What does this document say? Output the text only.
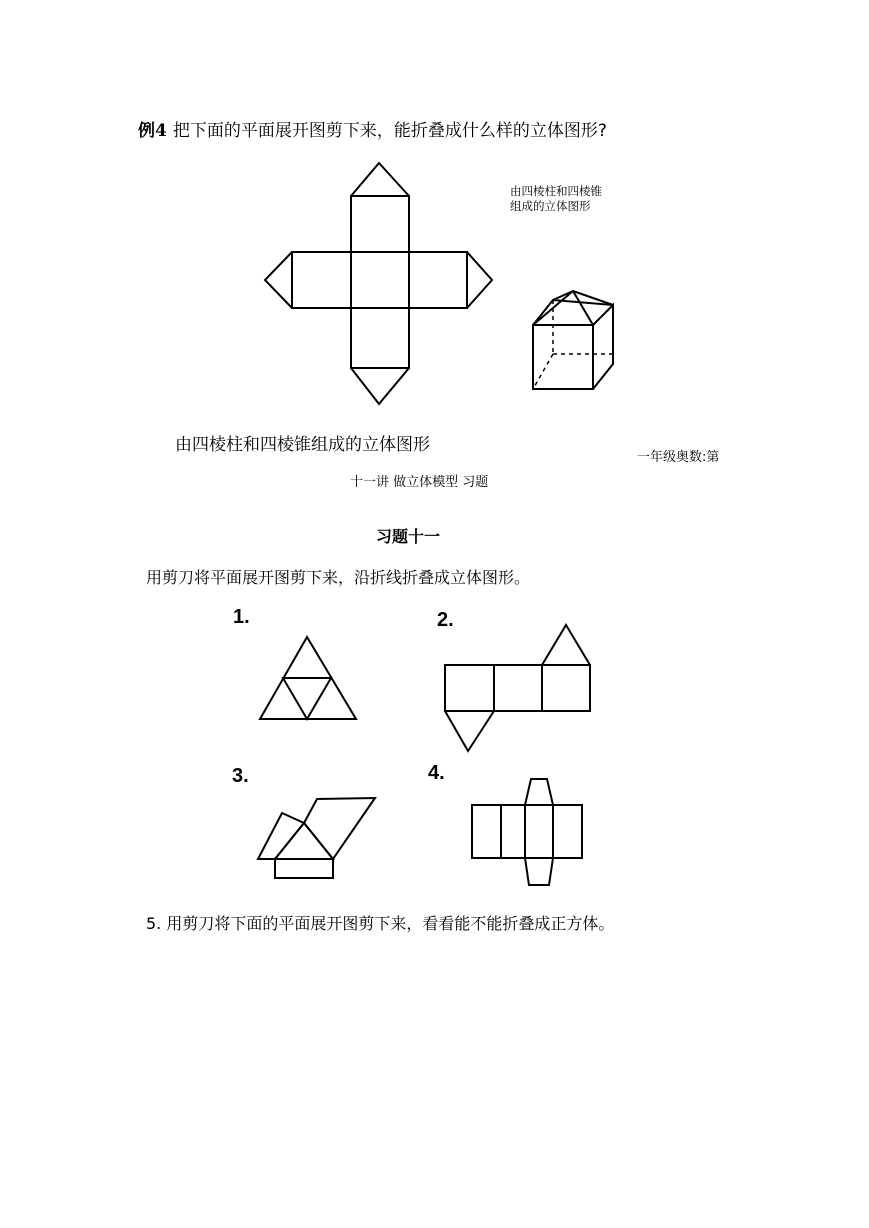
例4 把下面的平面展开图剪下来，能折叠成什么样的立体图形?
由四棱柱和四棱锥组成的立体图形
由四棱柱和四棱锥组成的立体图形
一年级奥数:第
十一讲 做立体模型 习题
习题十一
用剪刀将平面展开图剪下来，沿折线折叠成立体图形。
1.	2.
3.	4.
5. 用剪刀将下面的平面展开图剪下来，看看能不能折叠成正方体。
